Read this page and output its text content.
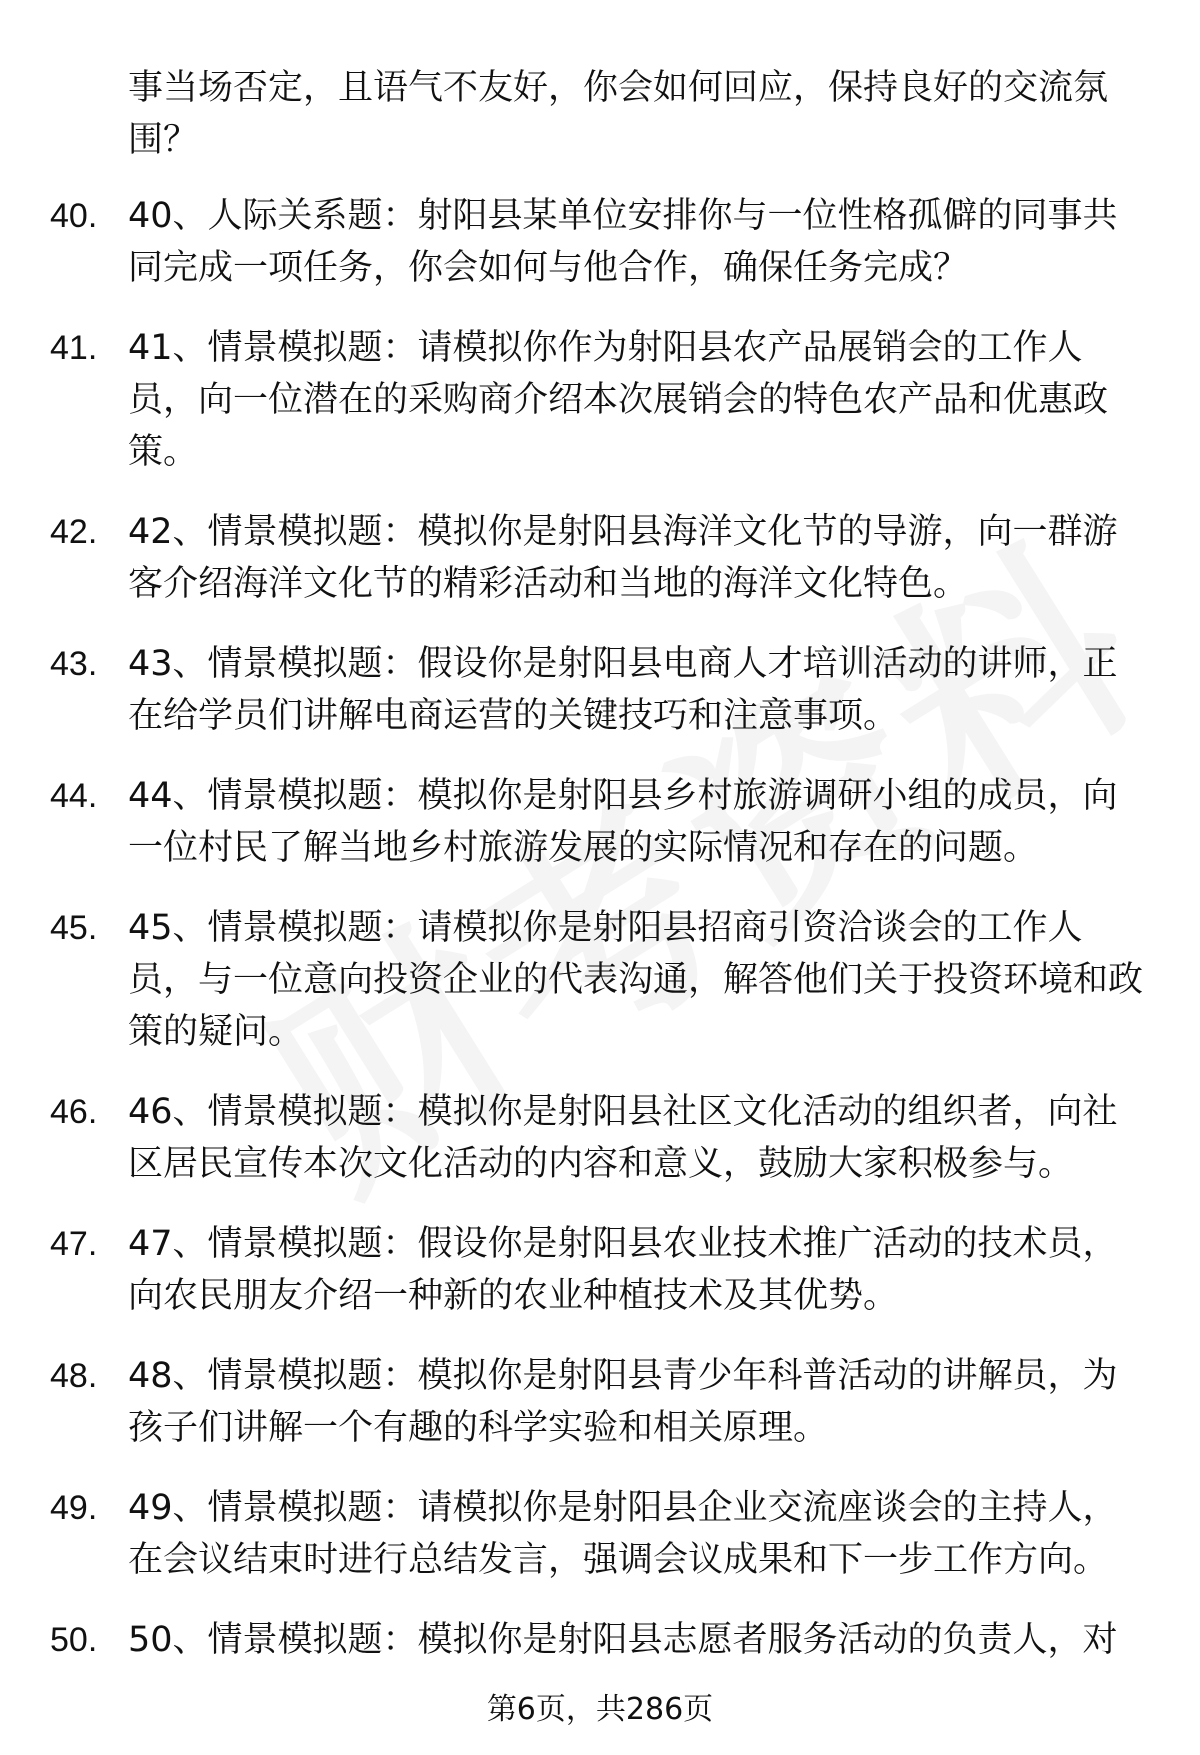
事当场否定，且语气不友好，你会如何回应，保持良好的交流氛围？
40. 40、人际关系题：射阳县某单位安排你与一位性格孤僻的同事共同完成一项任务，你会如何与他合作，确保任务完成？
41. 41、情景模拟题：请模拟你作为射阳县农产品展销会的工作人员，向一位潜在的采购商介绍本次展销会的特色农产品和优惠政策。
42. 42、情景模拟题：模拟你是射阳县海洋文化节的导游，向一群游客介绍海洋文化节的精彩活动和当地的海洋文化特色。
43. 43、情景模拟题：假设你是射阳县电商人才培训活动的讲师，正在给学员们讲解电商运营的关键技巧和注意事项。
44. 44、情景模拟题：模拟你是射阳县乡村旅游调研小组的成员，向一位村民了解当地乡村旅游发展的实际情况和存在的问题。
45. 45、情景模拟题：请模拟你是射阳县招商引资洽谈会的工作人员，与一位意向投资企业的代表沟通，解答他们关于投资环境和政策的疑问。
46. 46、情景模拟题：模拟你是射阳县社区文化活动的组织者，向社区居民宣传本次文化活动的内容和意义，鼓励大家积极参与。
47. 47、情景模拟题：假设你是射阳县农业技术推广活动的技术员，向农民朋友介绍一种新的农业种植技术及其优势。
48. 48、情景模拟题：模拟你是射阳县青少年科普活动的讲解员，为孩子们讲解一个有趣的科学实验和相关原理。
49. 49、情景模拟题：请模拟你是射阳县企业交流座谈会的主持人，在会议结束时进行总结发言，强调会议成果和下一步工作方向。
50. 50、情景模拟题：模拟你是射阳县志愿者服务活动的负责人，对
第6页，共286页
